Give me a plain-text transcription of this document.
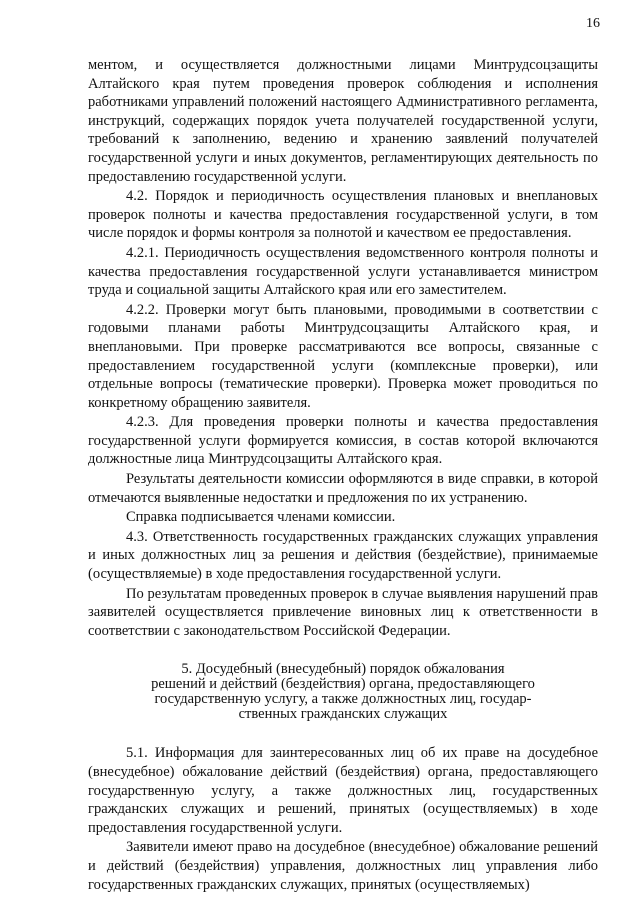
16

ментом, и осуществляется должностными лицами Минтрудсоцзащиты Алтайского края путем проведения проверок соблюдения и исполнения работниками управлений положений настоящего Административного регламента, инструкций, содержащих порядок учета получателей государственной услуги, требований к заполнению, ведению и хранению заявлений получателей государственной услуги и иных документов, регламентирующих деятельность по предоставлению государственной услуги.

4.2. Порядок и периодичность осуществления плановых и внеплановых проверок полноты и качества предоставления государственной услуги, в том числе порядок и формы контроля за полнотой и качеством ее предоставления.

4.2.1. Периодичность осуществления ведомственного контроля полноты и качества предоставления государственной услуги устанавливается министром труда и социальной защиты Алтайского края или его заместителем.

4.2.2. Проверки могут быть плановыми, проводимыми в соответствии с годовыми планами работы Минтрудсоцзащиты Алтайского края, и внеплановыми. При проверке рассматриваются все вопросы, связанные с предоставлением государственной услуги (комплексные проверки), или отдельные вопросы (тематические проверки). Проверка может проводиться по конкретному обращению заявителя.

4.2.3. Для проведения проверки полноты и качества предоставления государственной услуги формируется комиссия, в состав которой включаются должностные лица Минтрудсоцзащиты Алтайского края.

Результаты деятельности комиссии оформляются в виде справки, в которой отмечаются выявленные недостатки и предложения по их устранению.

Справка подписывается членами комиссии.

4.3. Ответственность государственных гражданских служащих управления и иных должностных лиц за решения и действия (бездействие), принимаемые (осуществляемые) в ходе предоставления государственной услуги.

По результатам проведенных проверок в случае выявления нарушений прав заявителей осуществляется привлечение виновных лиц к ответственности в соответствии с законодательством Российской Федерации.

5. Досудебный (внесудебный) порядок обжалования
решений и действий (бездействия) органа, предоставляющего
государственную услугу, а также должностных лиц, государ-
ственных гражданских служащих

5.1. Информация для заинтересованных лиц об их праве на досудебное (внесудебное) обжалование действий (бездействия) органа, предоставляющего государственную услугу, а также должностных лиц, государственных гражданских служащих и решений, принятых (осуществляемых) в ходе предоставления государственной услуги.

Заявители имеют право на досудебное (внесудебное) обжалование решений и действий (бездействия) управления, должностных лиц управления либо государственных гражданских служащих, принятых (осуществляемых)
